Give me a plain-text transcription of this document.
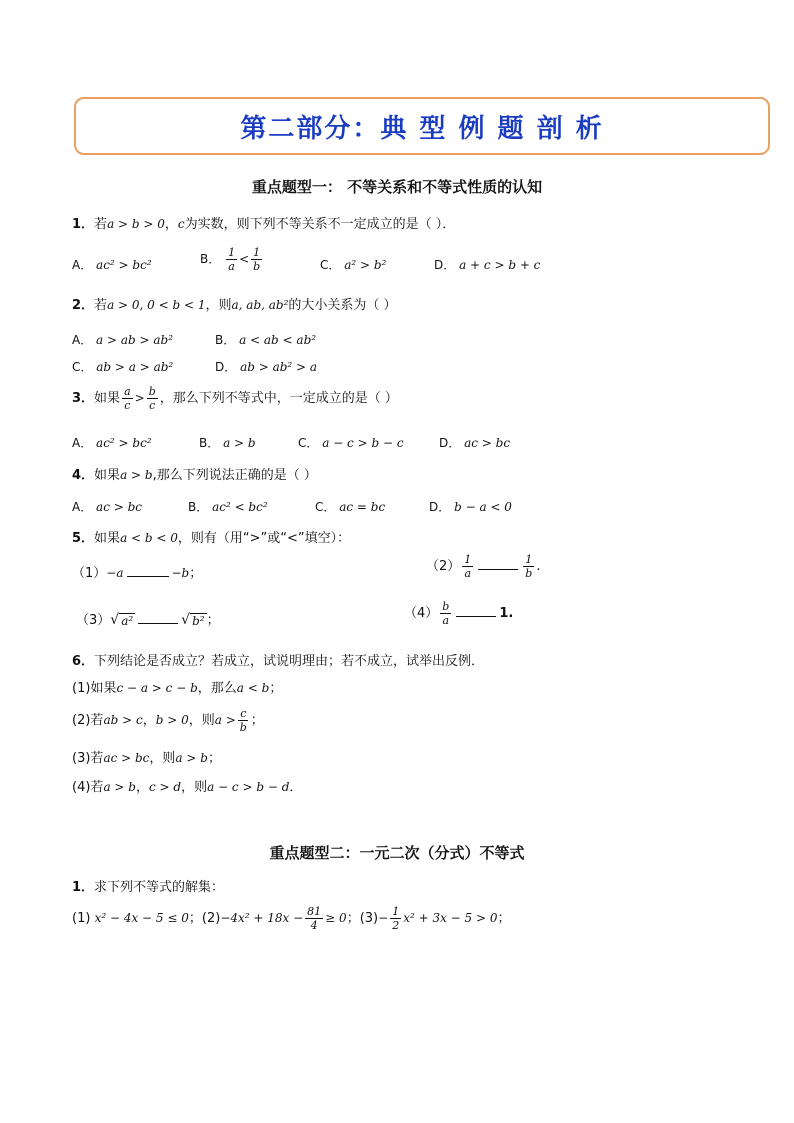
第二部分：典 型 例 题 剖 析
重点题型一： 不等关系和不等式性质的认知
1．若a > b > 0，c为实数，则下列不等关系不一定成立的是（ ）．
A． ac² > bc²	B． $\frac{1}{a} < \frac{1}{b}$	C． a² > b²	D． a + c > b + c
2．若a > 0, 0 < b < 1，则a, ab, ab²的大小关系为（ ）
A． a > ab > ab²	B． a < ab < ab²
C． ab > a > ab²	D． ab > ab² > a
3．如果 $\frac{a}{c} > \frac{b}{c}$ ，那么下列不等式中，一定成立的是（ ）
A． ac² > bc²	B． a > b	C． a − c > b − c	D． ac > bc
4．如果a > b,那么下列说法正确的是（ ）
A． ac > bc	B． ac² < bc²	C． ac = bc	D． b − a < 0
5．如果a < b < 0，则有（用“>”或“<”填空）：
（1）−a	−b；	$(2) \frac{1}{a}$	$\frac{1}{b}$ .
（3） √ a²	√ b² ；	$(4) \frac{b}{a}$	1.
6．下列结论是否成立？若成立，试说明理由；若不成立，试举出反例．
(1)如果c − a > c − b，那么a < b；
(2)若ab > c，b > 0，则$a > \frac{c}{b}$ ；
(3)若ac > bc，则a > b；
(4)若a > b，c > d，则a − c > b − d．
重点题型二：一元二次（分式）不等式
1．求下列不等式的解集：
(1) x² − 4x − 5 ≤ 0；$(2)-4x^2 + 18x - \frac{81}{4} \ge 0$；$(3)- \frac{1}{2} x^2 + 3x - 5 > 0$；
